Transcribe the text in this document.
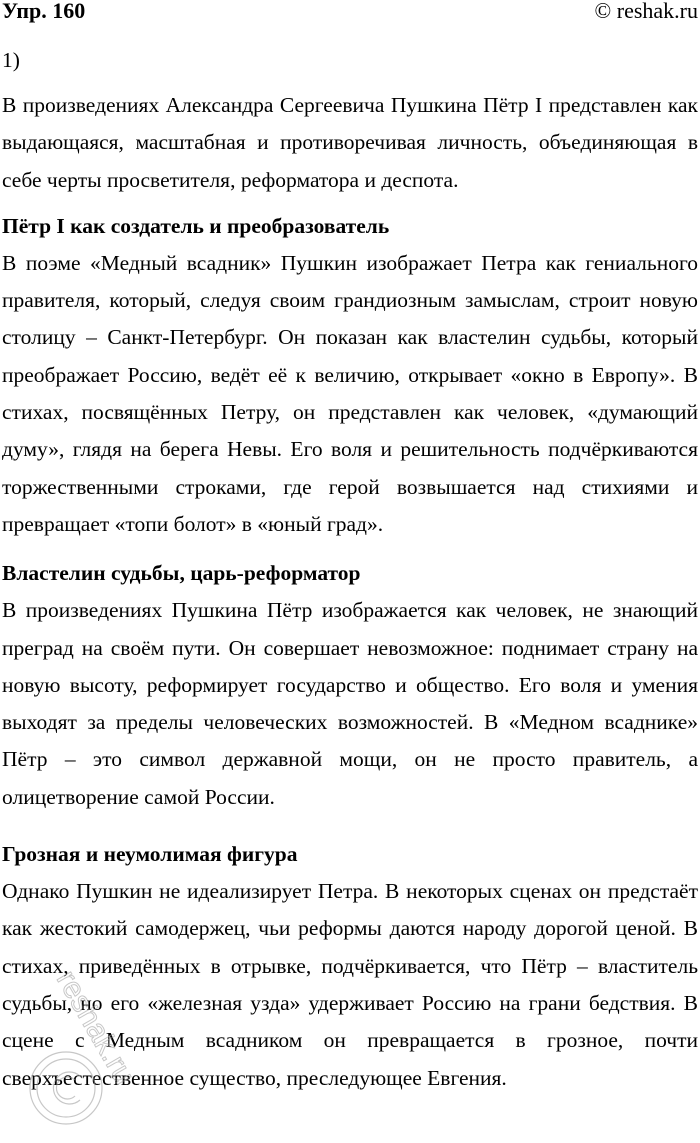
Упр. 160	© reshak.ru
1)

В произведениях Александра Сергеевича Пушкина Пётр I представлен как выдающаяся, масштабная и противоречивая личность, объединяющая в себе черты просветителя, реформатора и деспота.

Пётр I как создатель и преобразователь

В поэме «Медный всадник» Пушкин изображает Петра как гениального правителя, который, следуя своим грандиозным замыслам, строит новую столицу – Санкт-Петербург. Он показан как властелин судьбы, который преображает Россию, ведёт её к величию, открывает «окно в Европу». В стихах, посвящённых Петру, он представлен как человек, «думающий думу», глядя на берега Невы. Его воля и решительность подчёркиваются торжественными строками, где герой возвышается над стихиями и превращает «топи болот» в «юный град».

Властелин судьбы, царь-реформатор

В произведениях Пушкина Пётр изображается как человек, не знающий преград на своём пути. Он совершает невозможное: поднимает страну на новую высоту, реформирует государство и общество. Его воля и умения выходят за пределы человеческих возможностей. В «Медном всаднике» Пётр – это символ державной мощи, он не просто правитель, а олицетворение самой России.

Грозная и неумолимая фигура

Однако Пушкин не идеализирует Петра. В некоторых сценах он предстаёт как жестокий самодержец, чьи реформы даются народу дорогой ценой. В стихах, приведённых в отрывке, подчёркивается, что Пётр – властитель судьбы, но его «железная узда» удерживает Россию на грани бедствия. В сцене с Медным всадником он превращается в грозное, почти сверхъестественное существо, преследующее Евгения.

reshak.ru
